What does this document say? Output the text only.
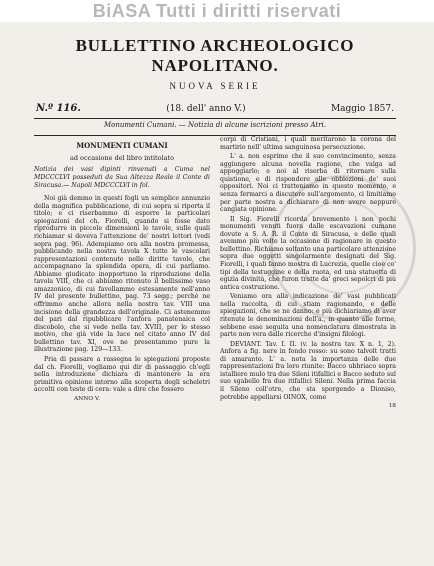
BiASA Tutti i diritti riservati
BULLETTINO ARCHEOLOGICO NAPOLITANO.
NUOVA SERIE
N.º 116.	(18. dell' anno V.)	Maggio 1857.
Monumenti Cumani. — Notizia di alcune iscrizioni presso Atri.
MONUMENTI CUMANI
ad occasione del libro intitolato
Notizia dei vasi dipinti rinvenuti a Cuma nel MDCCCLVI posseduti da Sua Altezza Reale il Conte di Siracusa.— Napoli MDCCCLVI in fol.

Noi già demmo in questi fogli un semplice annunzio della magnifica pubblicazione, di cui sopra si riporta il titolo; e ci riserbammo di esporre le particolari spiegazioni del ch. Fiorelli, quando si fosse dato riprodurre in piccole dimensioni le tavole, sulle quali richiamar si doveva l'attenzione de' nostri lettori (vedi sopra pag. 96). Adempiamo ora alla nostra promessa, pubblicando nella nostra tavola X tutte le vascolari rappresentazioni contenute nelle diritte tavole, che accompagnano la splendida opera, di cui parliamo. Abbiamo giudicato inopportuno la riproduzione della tavola VIII, che ci abbiamo ritenuto il bellissimo vaso amazzonico, di cui favellammo estesamente nell'anno IV del presente bullettino, pag. 73 segg.; perchè ne offrimmo anche allora nella nostra tav. VIII una incisione della grandezza dell'originale. Ci astenemmo del pari dal ripubblicare l'anfora panatenaica col discobolo, che si vede nella tav. XVIII, per lo stesso motivo, che già vide la luce nel citato anno IV del bullettino tav. XI, ove ne presentammo pure la illustrazione pag. 129—133.

Pria di passare a rassegna le spiegazioni proposte dal ch. Fiorelli, vogliamo qui dir di passaggio ch'egli nella introduzione dichiara di mantenere la era primitiva opinione intorno alla scoperta degli scheletri accolti con teste di cera: vale a dire che fossero

ANNO V.

corpi di Cristiani, i quali meritarono la corona del martirio nell' ultima sanguinosa persecuzione.

L' a. non esprime che il suo convincimento, senza aggiungere alcuna novella ragione, che valga ad appoggiarlo; e noi al riserba di ritornare sulla quistione, e di rispondere alle obbiezioni de' suoi oppositori. Noi ci tratteniamo in questo momento, e senza fermarci a discutere sull'argomento, ci limitiamo per parte nostra a dichiarare di non avere neppure cangiata opinione.

Il Sig. Fiorelli ricorda brevemente i non pochi monumenti venuti fuora dalle escavazioni cumane dovute a S. A. R. il Conte di Siracusa, e delle quali avemmo più volte la occasione di ragionare in questo bullettino. Richiamo soltanto una particolare attenzione sopra due oggetti singolarmente designati del Sig. Fiorelli, i quali fanno mostra di Lucrezia, quelle cioè co' tipi della testuggine e della ruota, ed una statuetta di egizia divinità, che furon tratte da' greci sepolcri di più antica costruzione.

Veniamo ora alla indicazione de' vasi pubblicati nella raccolta, di cui stiam ragionando, e delle spiegazioni, che se ne danno: e più dichiariamo di aver ritenute le denominazioni dell'a., in quanto alle forme, sebbene esse seguita una nomenclatura dimostrata in parte non vera dalle ricerche d'insigni filologi.

DEVIANT. Tav. I. II. (v. la nostra tav. X n. 1, 2). Anfora a fig. nere in fondo rosso: su sono talvolt tratti di amaranto. L' a. nota la importanza delle due rappresentazioni fra loro riunite: Bacco ubbriaco sopra istalliere mulo tra due Sileni itifallici e Bacco seduto sul suo sgabello fra due itifallici Sileni. Nella prima faccia il Sileno coll'otre, che sta sporgendo a Dioniso, potrebbe appellarsi OINOX, come

18
